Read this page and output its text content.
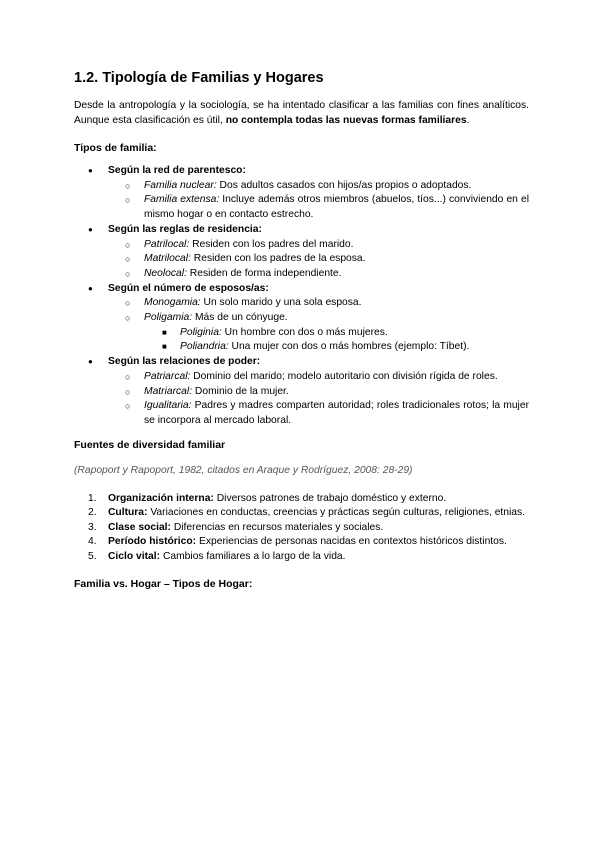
1.2. Tipología de Familias y Hogares

Desde la antropología y la sociología, se ha intentado clasificar a las familias con fines analíticos. Aunque esta clasificación es útil, no contempla todas las nuevas formas familiares.

Tipos de familia:
● Según la red de parentesco:
○ Familia nuclear: Dos adultos casados con hijos/as propios o adoptados.
○ Familia extensa: Incluye además otros miembros (abuelos, tíos...) conviviendo en el mismo hogar o en contacto estrecho.
● Según las reglas de residencia:
○ Patrilocal: Residen con los padres del marido.
○ Matrilocal: Residen con los padres de la esposa.
○ Neolocal: Residen de forma independiente.
● Según el número de esposos/as:
○ Monogamia: Un solo marido y una sola esposa.
○ Poligamia: Más de un cónyuge.
■ Poliginia: Un hombre con dos o más mujeres.
■ Poliandria: Una mujer con dos o más hombres (ejemplo: Tíbet).
● Según las relaciones de poder:
○ Patriarcal: Dominio del marido; modelo autoritario con división rígida de roles.
○ Matriarcal: Dominio de la mujer.
○ Igualitaria: Padres y madres comparten autoridad; roles tradicionales rotos; la mujer se incorpora al mercado laboral.
Fuentes de diversidad familiar
(Rapoport y Rapoport, 1982, citados en Araque y Rodríguez, 2008: 28-29)
1. Organización interna: Diversos patrones de trabajo doméstico y externo.
2. Cultura: Variaciones en conductas, creencias y prácticas según culturas, religiones, etnias.
3. Clase social: Diferencias en recursos materiales y sociales.
4. Período histórico: Experiencias de personas nacidas en contextos históricos distintos.
5. Ciclo vital: Cambios familiares a lo largo de la vida.
Familia vs. Hogar – Tipos de Hogar:
